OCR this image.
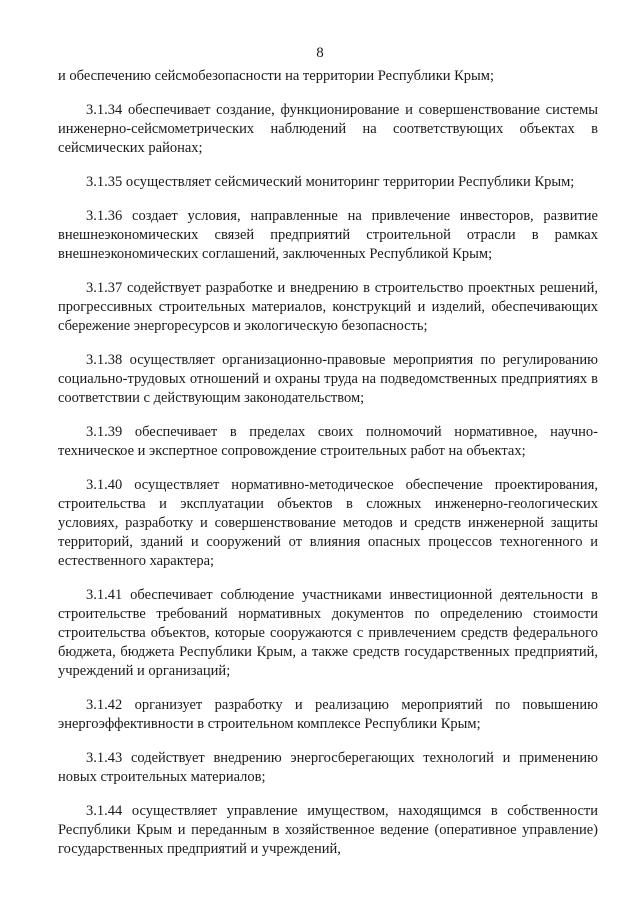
8

и обеспечению сейсмобезопасности на территории Республики Крым;

3.1.34 обеспечивает создание, функционирование и совершенствование системы инженерно-сейсмометрических наблюдений на соответствующих объектах в сейсмических районах;

3.1.35 осуществляет сейсмический мониторинг территории Республики Крым;

3.1.36 создает условия, направленные на привлечение инвесторов, развитие внешнеэкономических связей предприятий строительной отрасли в рамках внешнеэкономических соглашений, заключенных Республикой Крым;

3.1.37 содействует разработке и внедрению в строительство проектных решений, прогрессивных строительных материалов, конструкций и изделий, обеспечивающих сбережение энергоресурсов и экологическую безопасность;

3.1.38 осуществляет организационно-правовые мероприятия по регулированию социально-трудовых отношений и охраны труда на подведомственных предприятиях в соответствии с действующим законодательством;

3.1.39 обеспечивает в пределах своих полномочий нормативное, научно-техническое и экспертное сопровождение строительных работ на объектах;

3.1.40 осуществляет нормативно-методическое обеспечение проектирования, строительства и эксплуатации объектов в сложных инженерно-геологических условиях, разработку и совершенствование методов и средств инженерной защиты территорий, зданий и сооружений от влияния опасных процессов техногенного и естественного характера;

3.1.41 обеспечивает соблюдение участниками инвестиционной деятельности в строительстве требований нормативных документов по определению стоимости строительства объектов, которые сооружаются с привлечением средств федерального бюджета, бюджета Республики Крым, а также средств государственных предприятий, учреждений и организаций;

3.1.42 организует разработку и реализацию мероприятий по повышению энергоэффективности в строительном комплексе Республики Крым;

3.1.43 содействует внедрению энергосберегающих технологий и применению новых строительных материалов;

3.1.44 осуществляет управление имуществом, находящимся в собственности Республики Крым и переданным в хозяйственное ведение (оперативное управление) государственных предприятий и учреждений,
